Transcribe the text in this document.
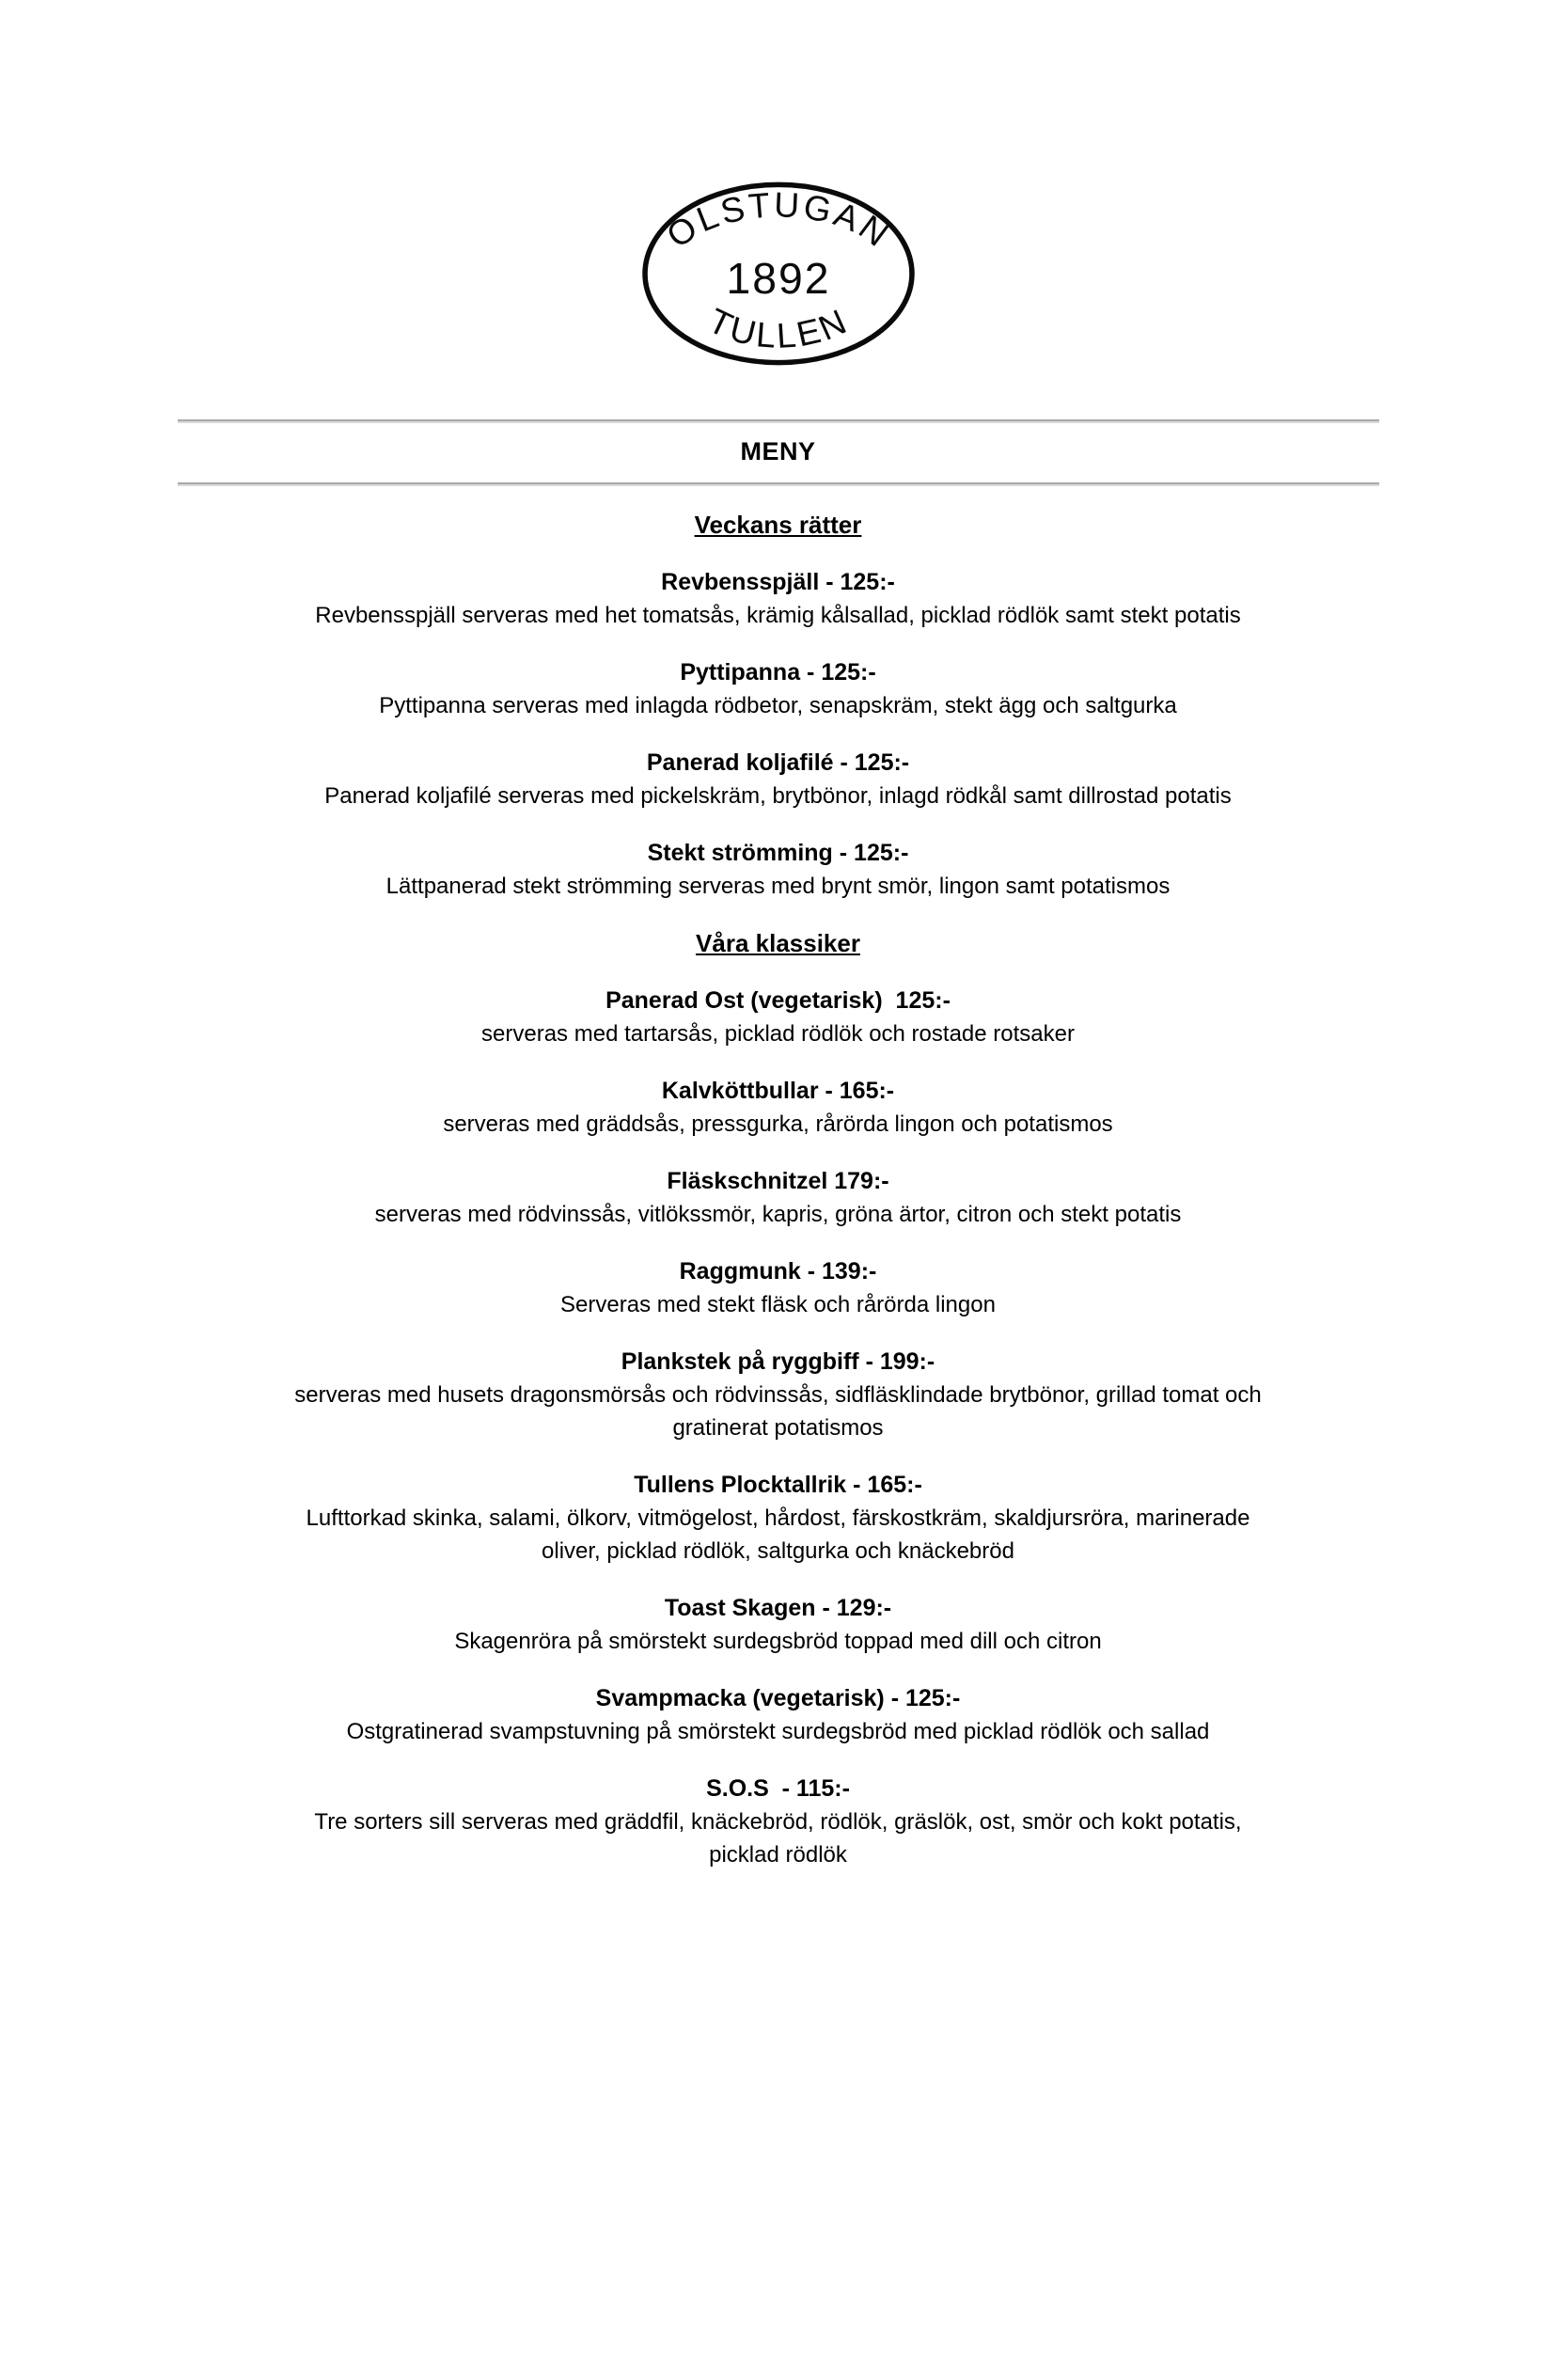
ÖLSTUGAN
1892
TULLEN
MENY
Veckans rätter
Revbensspjäll - 125:-
Revbensspjäll serveras med het tomatsås, krämig kålsallad, picklad rödlök samt stekt potatis
Pyttipanna - 125:-
Pyttipanna serveras med inlagda rödbetor, senapskräm, stekt ägg och saltgurka
Panerad koljafilé - 125:-
Panerad koljafilé serveras med pickelskräm, brytbönor, inlagd rödkål samt dillrostad potatis
Stekt strömming - 125:-
Lättpanerad stekt strömming serveras med brynt smör, lingon samt potatismos
Våra klassiker
Panerad Ost (vegetarisk)  125:-
serveras med tartarsås, picklad rödlök och rostade rotsaker
Kalvköttbullar - 165:-
serveras med gräddsås, pressgurka, rårörda lingon och potatismos
Fläskschnitzel 179:-
serveras med rödvinssås, vitlökssmör, kapris, gröna ärtor, citron och stekt potatis
Raggmunk - 139:-
Serveras med stekt fläsk och rårörda lingon
Plankstek på ryggbiff - 199:-
serveras med husets dragonsmörsås och rödvinssås, sidfläsklindade brytbönor, grillad tomat och gratinerat potatismos
Tullens Plocktallrik - 165:-
Lufttorkad skinka, salami, ölkorv, vitmögelost, hårdost, färskostkräm, skaldjursröra, marinerade oliver, picklad rödlök, saltgurka och knäckebröd
Toast Skagen - 129:-
Skagenröra på smörstekt surdegsbröd toppad med dill och citron
Svampmacka (vegetarisk) - 125:-
Ostgratinerad svampstuvning på smörstekt surdegsbröd med picklad rödlök och sallad
S.O.S  - 115:-
Tre sorters sill serveras med gräddfil, knäckebröd, rödlök, gräslök, ost, smör och kokt potatis, picklad rödlök
